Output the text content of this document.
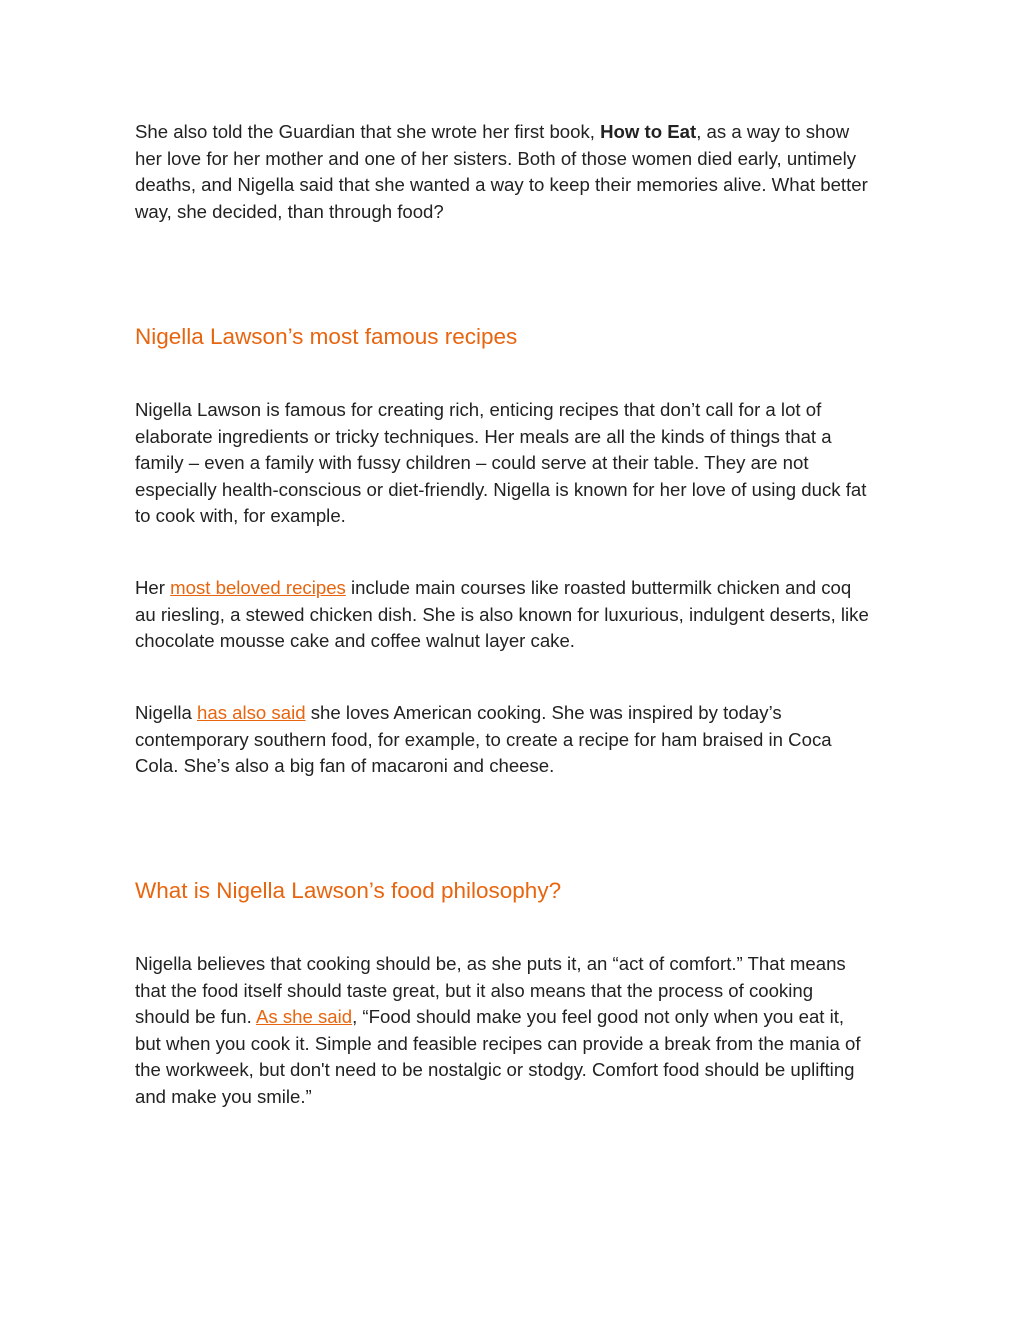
She also told the Guardian that she wrote her first book, How to Eat, as a way to show her love for her mother and one of her sisters. Both of those women died early, untimely deaths, and Nigella said that she wanted a way to keep their memories alive. What better way, she decided, than through food?

Nigella Lawson’s most famous recipes

Nigella Lawson is famous for creating rich, enticing recipes that don’t call for a lot of elaborate ingredients or tricky techniques. Her meals are all the kinds of things that a family – even a family with fussy children – could serve at their table. They are not especially health-conscious or diet-friendly. Nigella is known for her love of using duck fat to cook with, for example.

Her most beloved recipes include main courses like roasted buttermilk chicken and coq au riesling, a stewed chicken dish. She is also known for luxurious, indulgent deserts, like chocolate mousse cake and coffee walnut layer cake.

Nigella has also said she loves American cooking. She was inspired by today’s contemporary southern food, for example, to create a recipe for ham braised in Coca Cola. She’s also a big fan of macaroni and cheese.

What is Nigella Lawson’s food philosophy?

Nigella believes that cooking should be, as she puts it, an “act of comfort.” That means that the food itself should taste great, but it also means that the process of cooking should be fun. As she said, “Food should make you feel good not only when you eat it, but when you cook it. Simple and feasible recipes can provide a break from the mania of the workweek, but don't need to be nostalgic or stodgy. Comfort food should be uplifting and make you smile.”
